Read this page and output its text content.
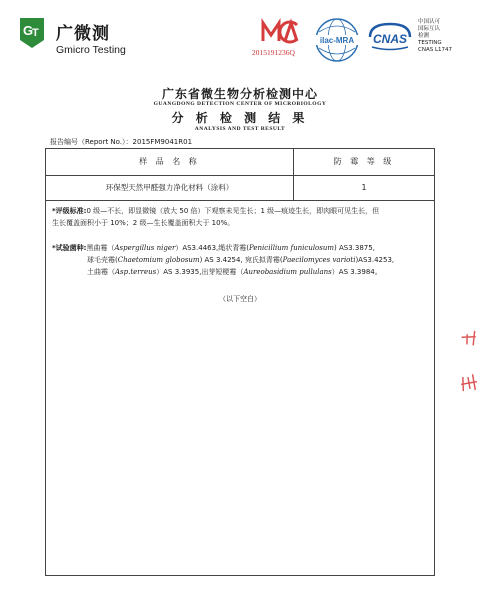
G
T 广微测
Gmicro Testing	2015191236Q
ilac-MRA CNAS
中国认可
国际互认
检测
TESTING
CNAS L1747
广东省微生物分析检测中心
GUANGDONG DETECTION CENTER OF MICROBIOLOGY
分 析 检 测 结 果
ANALYSIS AND TEST RESULT
报告编号（Report No.）：2015FM9041R01
样 品 名 称	防 霉 等 级
环保型天然甲醛强力净化材料（涂料）	1
*评级标准:0 级—不长，即显微镜（放大 50 倍）下观察未见生长；1 级—痕迹生长，即肉眼可见生长，但
生长覆盖面积小于 10%；2 级—生长覆盖面积大于 10%。
*试验菌种:黑曲霉（Aspergillus niger）AS3.4463,绳状青霉(Penicillium funiculosum) AS3.3875,
球毛壳霉(Chaetomium globosum) AS 3.4254, 宛氏拟青霉(Paecilomyces varioti)AS3.4253,
土曲霉（Asp.terreus）AS 3.3935,出芽短梗霉（Aureobasidium pullulans）AS 3.3984。
（以下空白）
